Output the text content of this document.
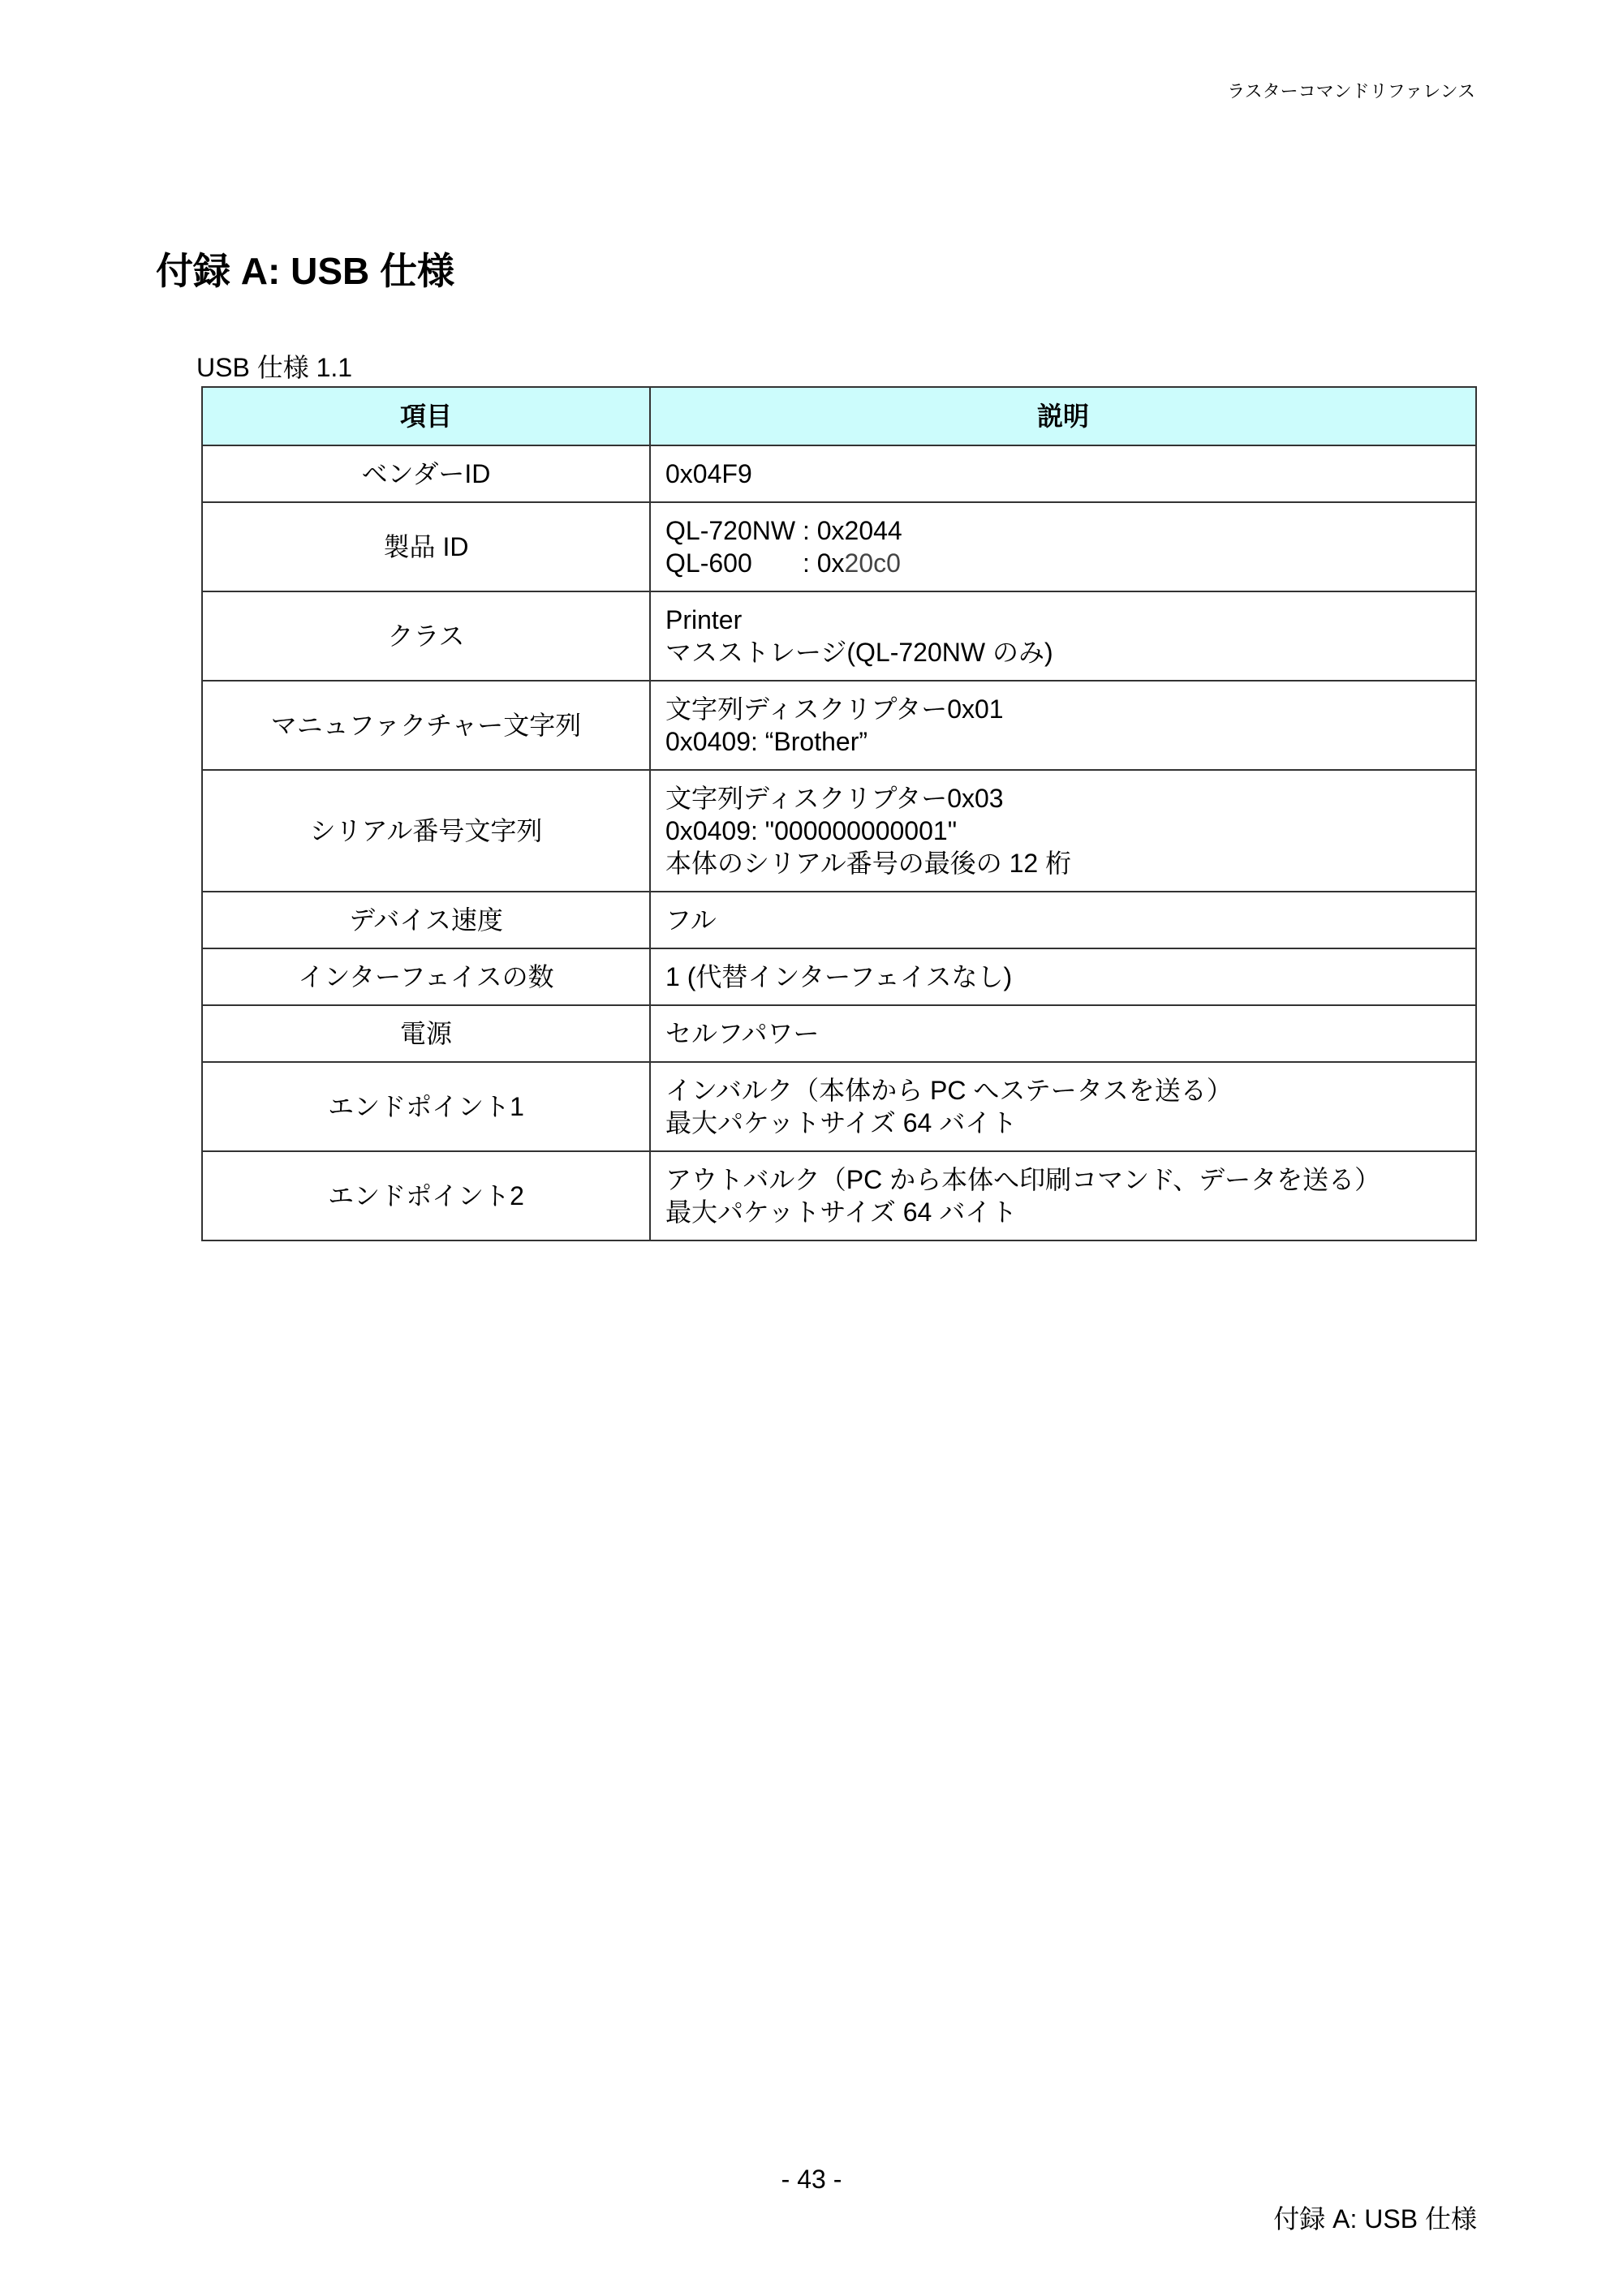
ラスターコマンドリファレンス
付録 A: USB 仕様
USB 仕様 1.1
項目	説明
ベンダーID	0x04F9

製品 ID	QL-720NW : 0x2044
QL-600       : 0x20c0

クラス	Printer
マスストレージ(QL-720NW のみ)

マニュファクチャー文字列	文字列ディスクリプター0x01
0x0409: “Brother”

シリアル番号文字列	文字列ディスクリプター0x03
0x0409: "000000000001"
本体のシリアル番号の最後の 12 桁

デバイス速度	フル

インターフェイスの数	1 (代替インターフェイスなし)

電源	セルフパワー

エンドポイント1	インバルク（本体から PC へステータスを送る）
最大パケットサイズ 64 バイト

エンドポイント2	アウトバルク（PC から本体へ印刷コマンド、データを送る）
最大パケットサイズ 64 バイト
- 43 -
付録 A: USB 仕様
